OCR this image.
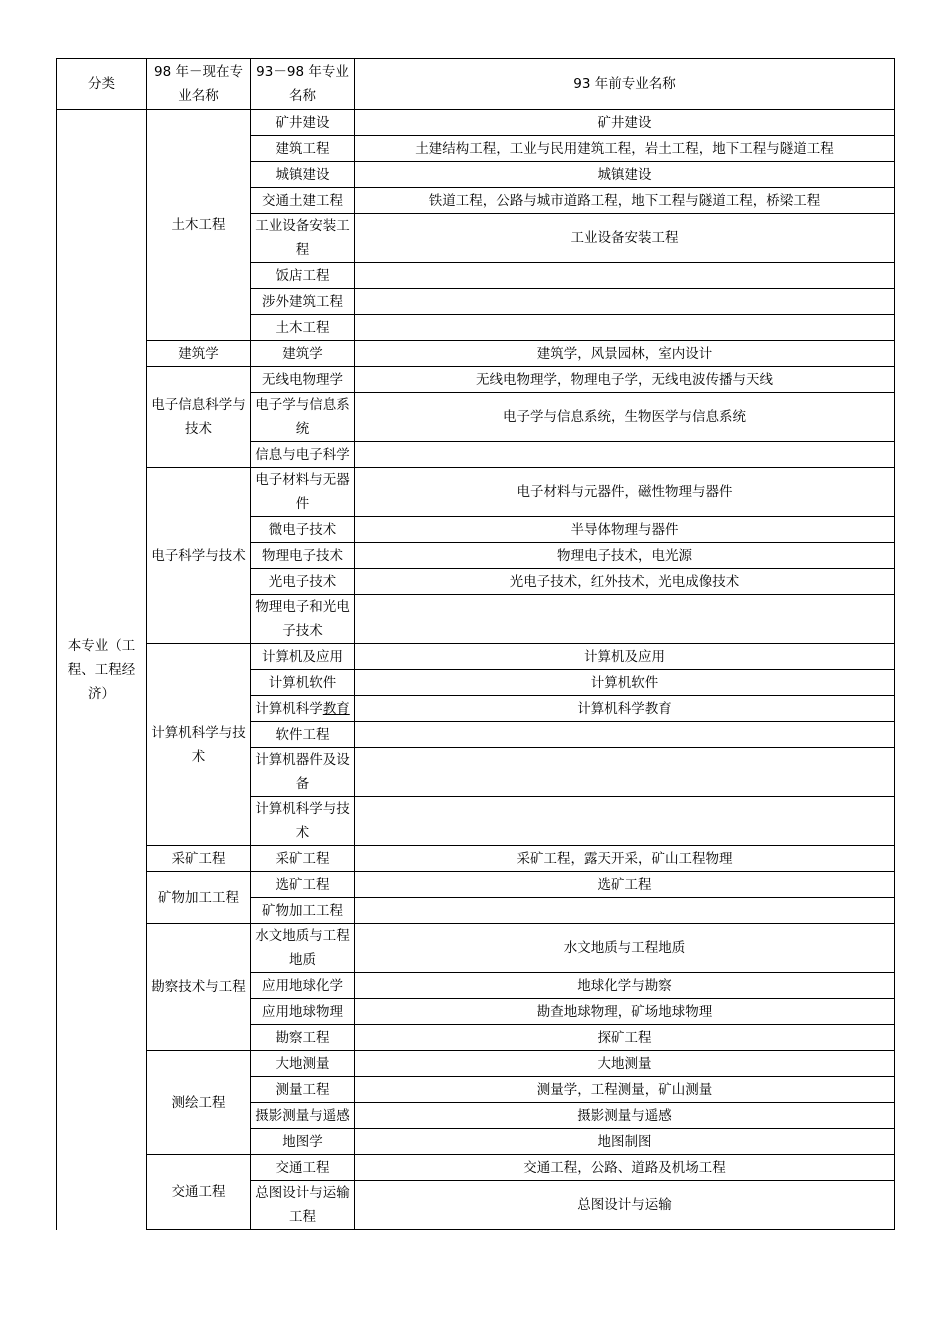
分类	98 年－现在专业名称	93－98 年专业名称	93 年前专业名称
本专业（工程、工程经济）	土木工程	矿井建设	矿井建设
		建筑工程	土建结构工程，工业与民用建筑工程，岩土工程，地下工程与隧道工程
		城镇建设	城镇建设
		交通土建工程	铁道工程，公路与城市道路工程，地下工程与隧道工程，桥梁工程
		工业设备安装工程	工业设备安装工程

		饭店工程	
		涉外建筑工程	
		土木工程	
	建筑学	建筑学	建筑学，风景园林，室内设计
	电子信息科学与技术	无线电物理学	无线电物理学，物理电子学，无线电波传播与天线
		电子学与信息系统	电子学与信息系统，生物医学与信息系统

		信息与电子科学	
	电子科学与技术	电子材料与无器件	电子材料与元器件，磁性物理与器件

		微电子技术	半导体物理与器件
		物理电子技术	物理电子技术，电光源
		光电子技术	光电子技术，红外技术，光电成像技术
		物理电子和光电子技术	

	计算机科学与技术	计算机及应用	计算机及应用
		计算机软件	计算机软件
		计算机科学教育	计算机科学教育
		软件工程	
		计算机器件及设备	

		计算机科学与技术	

	采矿工程	采矿工程	采矿工程，露天开采，矿山工程物理
	矿物加工工程	选矿工程	选矿工程
		矿物加工工程	
	勘察技术与工程	水文地质与工程地质	水文地质与工程地质

		应用地球化学	地球化学与勘察
		应用地球物理	勘查地球物理，矿场地球物理
		勘察工程	探矿工程
	测绘工程	大地测量	大地测量
		测量工程	测量学，工程测量，矿山测量
		摄影测量与遥感	摄影测量与遥感
		地图学	地图制图
	交通工程	交通工程	交通工程，公路、道路及机场工程
		总图设计与运输工程	总图设计与运输
